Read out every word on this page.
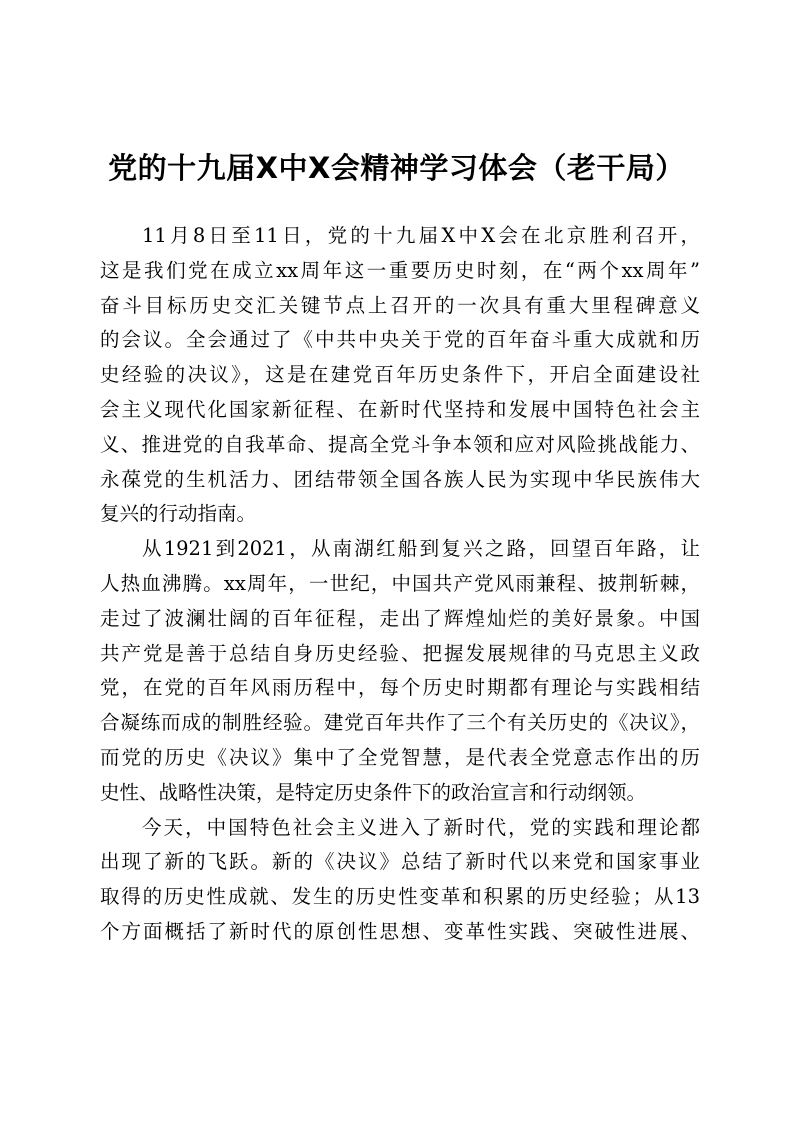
党的十九届X中X会精神学习体会（老干局）
11月8日至11日，党的十九届X中X会在北京胜利召开，
这是我们党在成立xx周年这一重要历史时刻，在“两个xx周年”
奋斗目标历史交汇关键节点上召开的一次具有重大里程碑意义
的会议。全会通过了《中共中央关于党的百年奋斗重大成就和历
史经验的决议》，这是在建党百年历史条件下，开启全面建设社
会主义现代化国家新征程、在新时代坚持和发展中国特色社会主
义、推进党的自我革命、提高全党斗争本领和应对风险挑战能力、
永葆党的生机活力、团结带领全国各族人民为实现中华民族伟大
复兴的行动指南。
从1921到2021，从南湖红船到复兴之路，回望百年路，让
人热血沸腾。xx周年，一世纪，中国共产党风雨兼程、披荆斩棘，
走过了波澜壮阔的百年征程，走出了辉煌灿烂的美好景象。中国
共产党是善于总结自身历史经验、把握发展规律的马克思主义政
党，在党的百年风雨历程中，每个历史时期都有理论与实践相结
合凝练而成的制胜经验。建党百年共作了三个有关历史的《决议》，
而党的历史《决议》集中了全党智慧，是代表全党意志作出的历
史性、战略性决策，是特定历史条件下的政治宣言和行动纲领。
今天，中国特色社会主义进入了新时代，党的实践和理论都
出现了新的飞跃。新的《决议》总结了新时代以来党和国家事业
取得的历史性成就、发生的历史性变革和积累的历史经验；从13
个方面概括了新时代的原创性思想、变革性实践、突破性进展、
